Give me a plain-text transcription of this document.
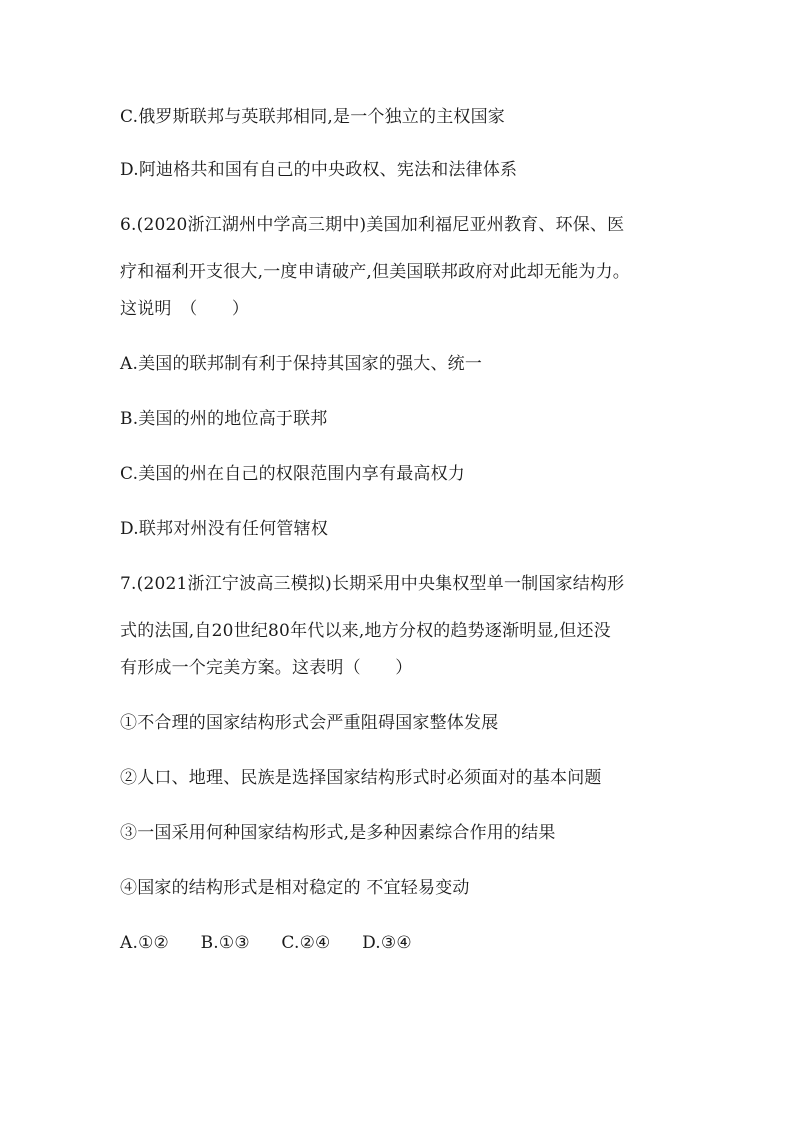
C.俄罗斯联邦与英联邦相同,是一个独立的主权国家
D.阿迪格共和国有自己的中央政权、宪法和法律体系
6.(2020浙江湖州中学高三期中)美国加利福尼亚州教育、环保、医
疗和福利开支很大,一度申请破产,但美国联邦政府对此却无能为力。
这说明　（　　）
A.美国的联邦制有利于保持其国家的强大、统一
B.美国的州的地位高于联邦
C.美国的州在自己的权限范围内享有最高权力
D.联邦对州没有任何管辖权
7.(2021浙江宁波高三模拟)长期采用中央集权型单一制国家结构形
式的法国,自20世纪80年代以来,地方分权的趋势逐渐明显,但还没
有形成一个完美方案。这表明（　　）
①不合理的国家结构形式会严重阻碍国家整体发展
②人口、地理、民族是选择国家结构形式时必须面对的基本问题
③一国采用何种国家结构形式,是多种因素综合作用的结果
④国家的结构形式是相对稳定的 不宜轻易变动
A.①② B.①③ C.②④ D.③④
